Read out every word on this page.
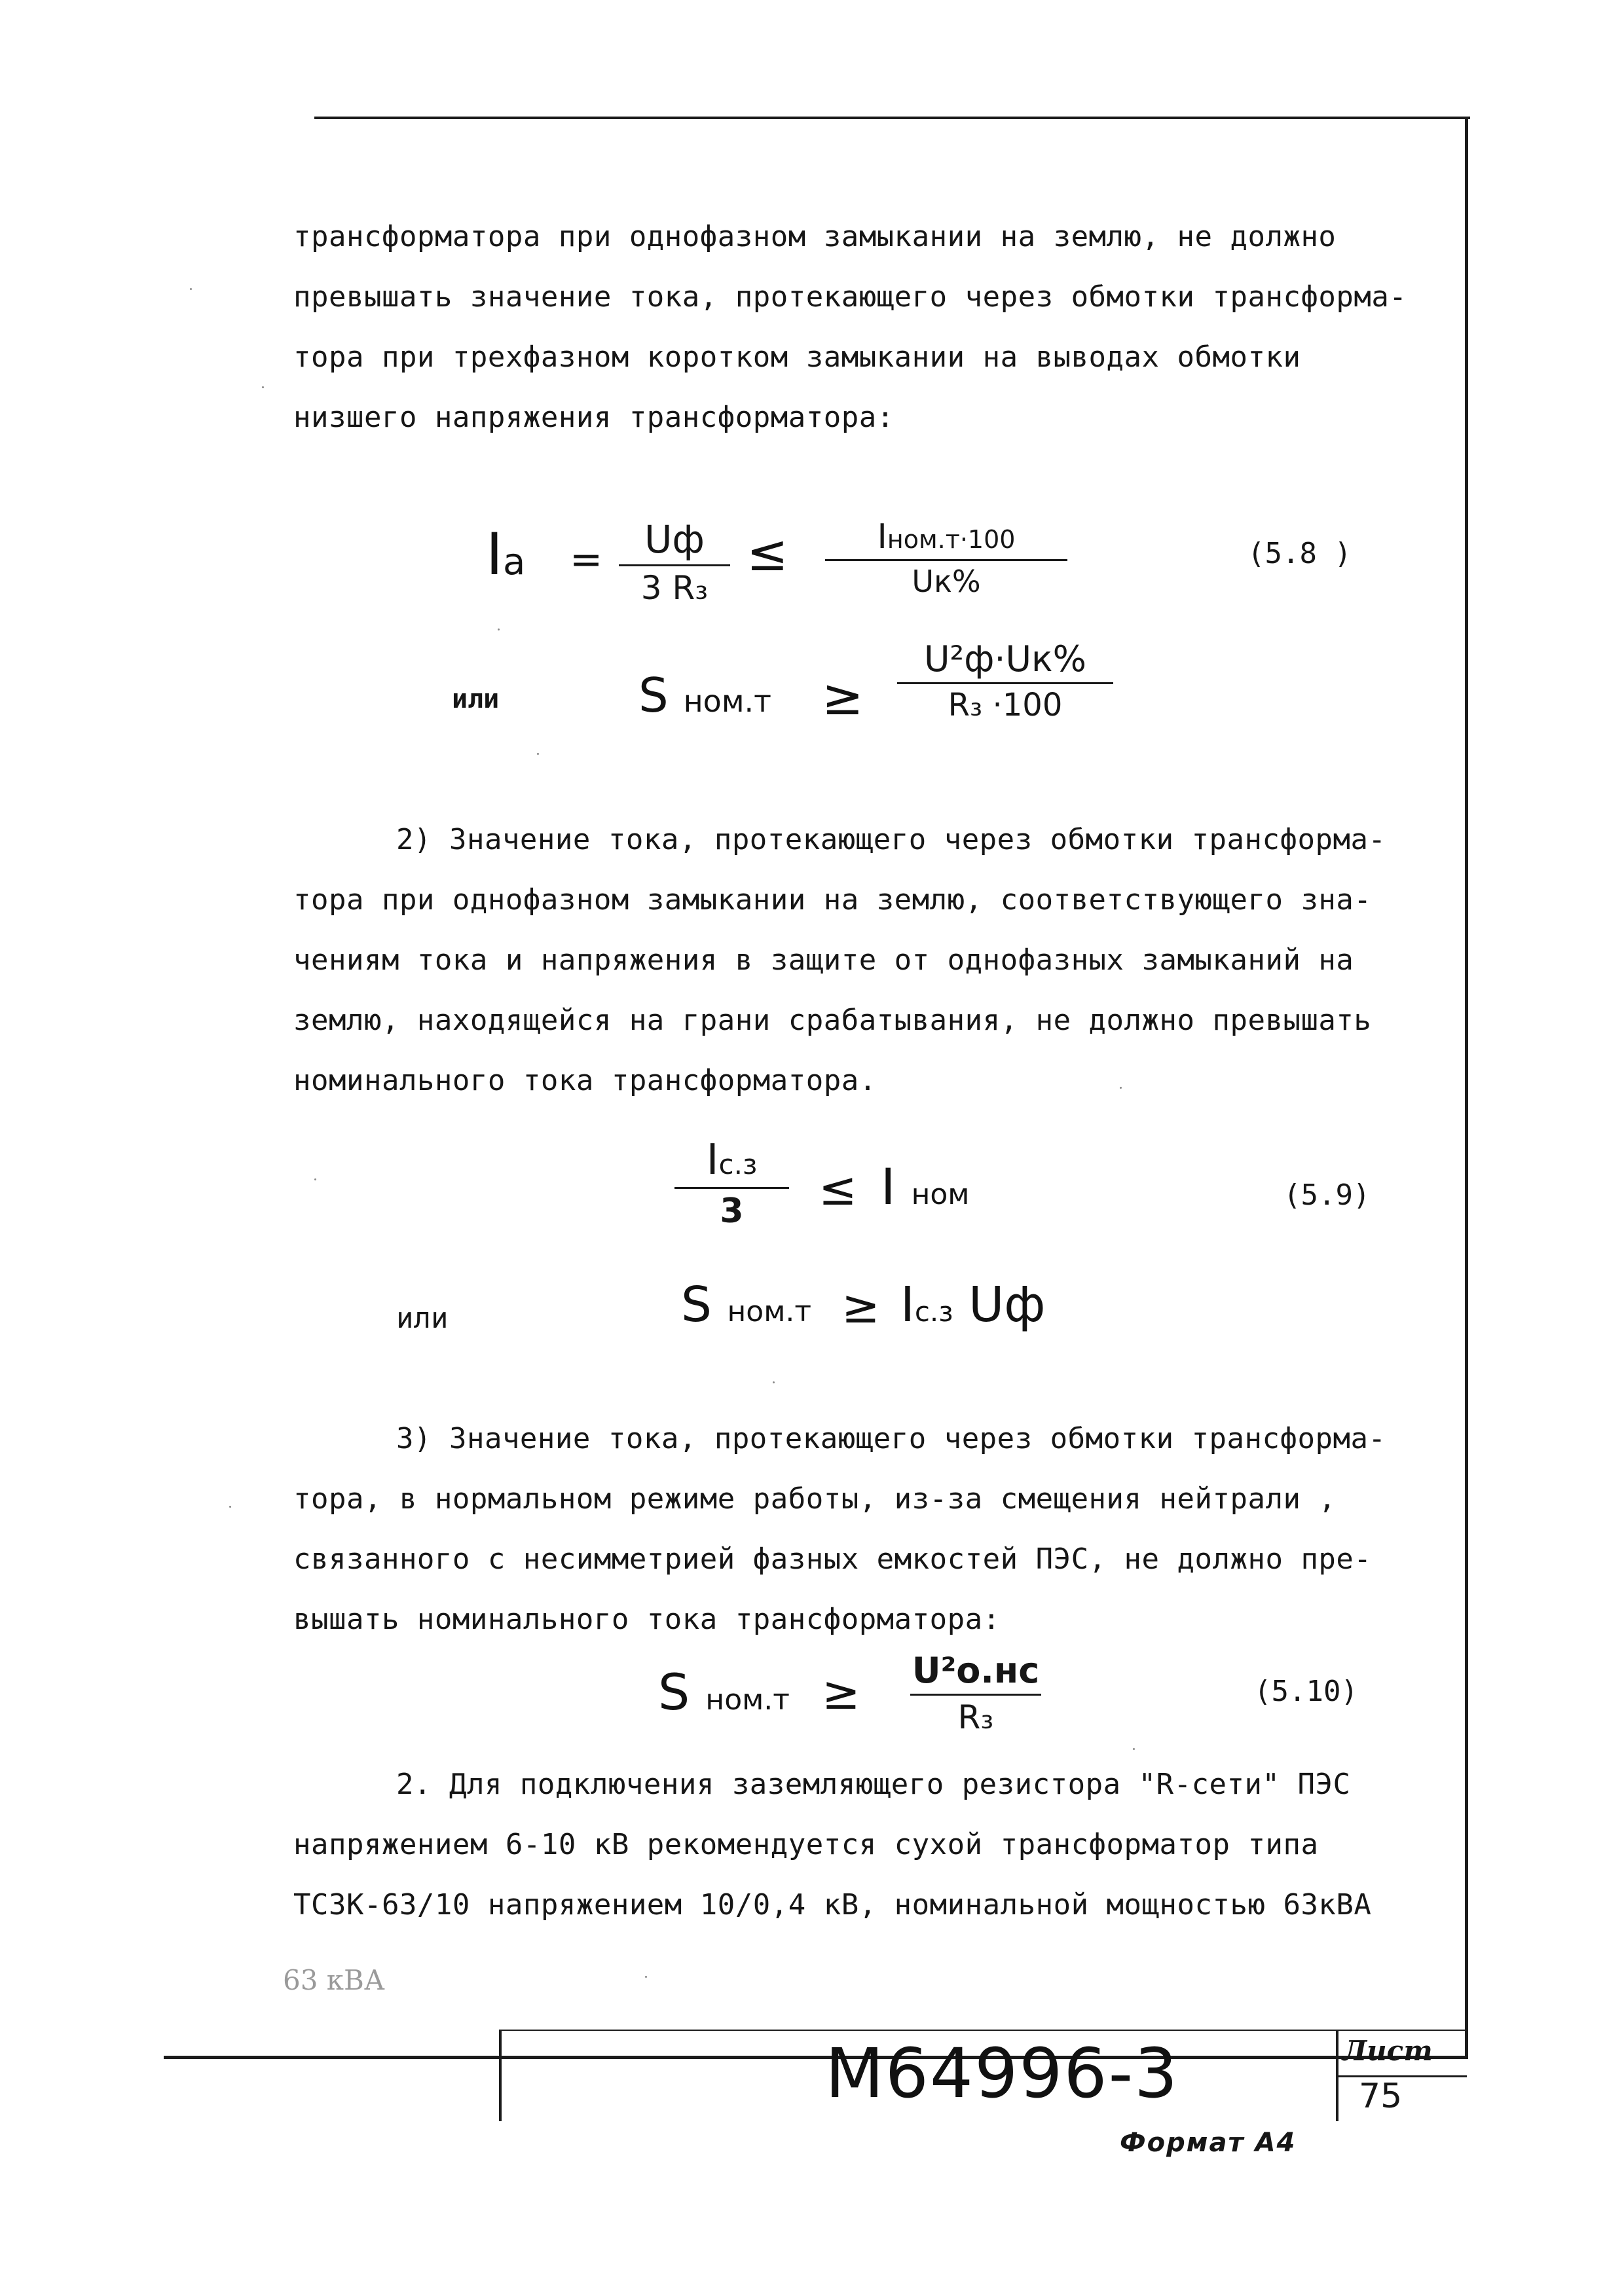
трансформатора при однофазном замыкании на землю, не должно
превышать значение тока, протекающего через обмотки трансформа-
тора при трехфазном коротком замыкании на выводах обмотки
низшего напряжения трансформатора:
Ia = Uф
3 R₃
≤	Iном.т·100
Uк%
(5.8 )
или	S ном.т ≥
U²ф·Uк%
R₃ ·100
2) Значение тока, протекающего через обмотки трансформа-
тора при однофазном замыкании на землю, соответствующего зна-
чениям тока и напряжения в защите от однофазных замыканий на
землю, находящейся на грани срабатывания, не должно превышать
номинального тока трансформатора.
Iс.з
3 ≤ I ном	(5.9)
или	S ном.т ≥ Iс.з Uф
3) Значение тока, протекающего через обмотки трансформа-
тора, в нормальном режиме работы, из-за смещения нейтрали ,
связанного с несимметрией фазных емкостей ПЭС, не должно пре-
вышать номинального тока трансформатора:
S ном.т ≥ U²о.нс
R₃
(5.10)
2. Для подключения заземляющего резистора "R-сети" ПЭС
напряжением 6-10 кВ рекомендуется сухой трансформатор типа
ТСЗК-63/10 напряжением 10/0,4 кВ, номинальной мощностью 63кВА
63 кВА
М64996-3	Лист
75
Формат А4
